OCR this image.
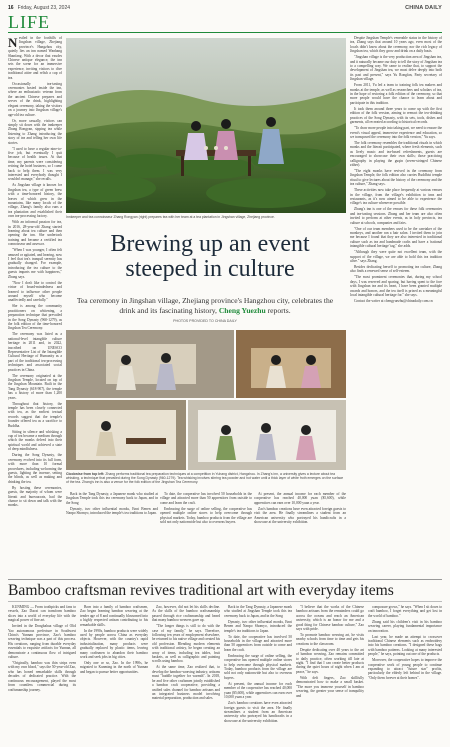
16 Friday, August 23, 2024	CHINA DAILY
LIFE

Nestled in the foothills of Jingshan village, Zhejiang province's Hangzhou city, quietly lies an inn named Wanhang Shanfang. With a decor that exudes Chinese antique elegance, the inn sets the scene for an immersive experience, inviting visitors to dive traditional attire and relish a cup of tea.

Occasionally tea-tasting ceremonies hosted inside the inn, where an enthusiastic veteran from the ancient Chinese prepares and serves of the drink, highlighting elegant ceremony, taking the visitors on a journey into Jingshan village's age-old tea culture.

Or, more casually, visitors can simply sit down with the innkeeper Zhang Rongyan, sipping tea while listening to Zhang introducing the story of tea and telling her own life stories.

"I used to have a regular nine-to-five job, but eventually I quit because of health issues. At that time, my parents were considering retiring the hotel business, so I came back to help them. I was very interested and everybody thought I wouldn't manage," she recalls.

As Jingshan village is known for Jingshan tea, a type of green brew with a time-honored history, the leaves of which grew in the mountains, like many locals of the village, Zhang's family also runs a tea plantation and established their own tea-processing factory.

With an informal passion for tea, in 2016, 28-year-old Zhang started learning about tea culture and then opening the inn. She undertook training and became a certified tea connoisseur and assessor.

"When I was younger, I often felt amused or agitated, and hearing, now I feel that tea's tranquil serenity has gradually changed. For example, introducing the tea culture to the guests imparts me with happiness," Zhang says.

"Now I don't like to control the virtue of broad-mindedness and learned to influence other people around myself who become unaffectedly and carefully."

She is among the community practitioners on whitening, a preparation technique that prevailed in the Song Dynasty (960-1279), as the folk edition of the time-honored Jingshan Tea Ceremony.

The ceremony was listed as a national-level intangible culture heritage in 2011 and, in 2022, inscribed on UNESCO Representative List of the Intangible Cultural Heritage of Humanity as a part of the traditional tea-processing techniques and associated social practices in China.

The ceremony originated at the Jingshan Temple, located on top of the Jingshan Mountain. Built in the Tang Dynasty (618-907), the temple has a history of more than 1,200 years.

Throughout that history, the temple has been closely connected with tea, as the earliest textual records suggest that the temple's founder offered tea as a sacrifice to Buddha.

Sitting in silence and whisking a cup of tea became a medium through which the monks delved into their spiritual world and achieved a state of deep mindfulness.

During the Song Dynasty, the ceremony evolved into its full form, with more than 10 formal procedures, including welcoming the guests, lighting the incense, setting the blinds, as well as making and drinking the tea.

By hosting these ceremonies, guests, the majority of whom were literati and bureaucrats, had the chance to sit down and talk with the monks.

Despite Jingshan Temple's venerable status in the history of tea, Zhang says that around 10 years ago, even most of the locals didn't know about the ceremony, nor the rich legacy of Jingshan tea, which they grow and drink on a daily basis.

"Jingshan village is the very production area of Jingshan tea, and it naturally became our duty to tell the story of Jingshan tea to a compelling way. We came to realize that, to support the development of Jingshan tea, we must delve deeply into both its past and present," says Yu Rongfan, Party secretary of Jingshan village.

From 2011, Yu led a team to training folk tea makers and monks at the temple, as well as researchers and scholars of tea, in the hope of restoring a folk edition of the ceremony, so that more people would have the chance to learn about and participate in this tradition.

It took them around three years to come up with the first edition of the folk version, aiming to reenact the tea-drinking practices of the Song Dynasty, with its sets, tools, dishes and garments, all recreated according to historical records.

"To draw more people into taking part, we need to ensure the event's visual appeal, immersive experience and education, so we transposed the ceremony into the folk version," Yu says.

The folk ceremony resembles the traditional rituals in which monks and the literati participated, where fresh elements, such as lively music and tea-based refreshments, guests are encouraged to showcase their own skills; those practicing calligraphy in playing the guqin (seven-stringed Chinese zither).

"The eight monks have revived in the ceremony from Jingshan Temple, the folk edition also carries Buddhist temple ritual to give lectures about the history of the ceremony and the tea culture," Zhang says.

These activities now take place frequently at various venues in the village, from the village's exhibition to inns and restaurants, as it's now aimed to be able to experience the village's tea culture whenever possible.

Zhang's inn is one of the venues for these folk ceremonies and tea-tasting sessions. Zhang and her team are also often invited to perform at other events, as in holy precincts, tea culture at schools, companies and fairs.

"One of our team members used to be the caretaker of the monkeys, and another ran a hair salon. I invited them to join me because I found that they are also interested in traditional culture such as tea and handmade crafts and have a 'national intangible cultural heritage' tag," she adds.

"Although they were quite not excellent team, with the support of the village, we are able to hold this tea tradition alive." says Zhang.

Besides dedicating herself to promoting tea culture, Zhang also finds a renewed sense of self-esteem.

"The most prominent ceremonies that, during my school days, I was reserved and sparing, but having spent to the fore with Jingshan tea and its heart, I have been granted multiple awards and honors, and the tea itself is prized as a meaningful local intangible cultural heritage for." she says.

Contact the writer at chengyuezhu@chinadaily.com.cn

Innkeeper and tea connoisseur Zhang Rongyan (right) prepares tea with her team at a tea plantation in Jingshan village, Zhejiang province.
Brewing up an event steeped in culture
Tea ceremony in Jingshan village, Zhejiang province's Hangzhou city, celebrates the drink and its fascinating history, Cheng Yuezhu reports.
PHOTOS PROVIDED TO CHINA DAILY
Clockwise from top left: Zhang performs traditional tea preparation techniques at a competition in Yuhang district, Hangzhou. In Zhang's inn, a university gives a lecture about tea whisking, a technique that prevailed during the Song Dynasty (960-1279). Tea whisking involves stirring tea powder and hot water until a thick layer of white froth emerges on the surface of the tea. Zhang's inn is also a venue for the folk edition of the Jingshan Tea Ceremony.

Back in the Tang Dynasty, a Japanese monk who studied at Jingshan Temple took this tea ceremony back to Japan, and in the Song

Dynasty, two other influential monks, Enni Benen and Nanpo Shomyo, introduced the temple's tea traditions to Japan.

To date, the cooperative has involved 50 households in the village and attracted more than 50 apprentices from outside to come and learn the craft.

Embracing the surge of online selling, the cooperative has opened multiple online stores to help overcome through physical markets. Today, bamboo products from the village are sold not only nationwide but also to overseas buyers.

At present, the annual income for each member of the cooperative has reached 40,000 yuan ($5,600), while apprentices can earn over 10,000 yuan a year.

Zao's bamboo creations have even attracted foreign guests to visit the area. He finally streamlines a student from an American university who portrayed his handicrafts in a showcase at the university exhibition.

Bamboo craftsman revives traditional art with everyday items

KUNMING — From toothpicks and fans to vessels, Zao Daoxi can transform bamboo slices into a world of everyday life with the magical power of fine art.

Invited in the Dongbahua village of Olid Yao autonomous prefecture in Southwest China's Yunnan province, Zao's bamboo weaving technique was a part of this process. His creations, ranging from durable everyday essentials to exquisite artifacts for Yunnan, all demonstrate a continuous flow of intrigued culture.

"Originally, bamboo was thin strips even with my own blood," says the 50-year-old Zao, who has honed remarkable skills through decades of dedicated practice. With the continuous encouragement, played the most from countless commercial during its craftsmanship journey.

Born into a family of bamboo craftsmen, Zao began learning bamboo weaving at the tender age of 8 and continually blossomed into a highly respected artisan contributing to his remarkable skills.

In the 1990s, bamboo products were widely used by people across China as everyday objects. However, with the country's rapid industrialization, many products were gradually replaced by plastic items, leaving many craftsmen to abandon their bamboo work and seek jobs in big cities.

Only one or so, Zao. In the 1990s, he migrated to Kunming in the north of Yunnan and began to pursue better opportunities.

Zao, however, did not let his skills decline. As the skills of the bamboo craftsmanship passed through rice craftsmanship and heard that many bamboo weavers gave up.

"The longer things is still to do with the case of my family," he says. Therefore, following ten years of employment elsewhere, he returned to his native village and created his old profession. Blending modern elements with traditional artistry, he began creating an array of items, including tea tables, fruit baskets, as well as calligraphic and painting scrolls using bamboo.

At the same time, Zao realized that, to develop the bamboo-weaving industry, artisans must "huddle together for warmth". In 2018, he and five other craftsmen jointly established a bamboo craft cooperative, providing a unified sales channel for bamboo artisans and an integrated business model involving material preparation, production and sales.

Back in the Tang Dynasty, a Japanese monk who studied at Jingshan Temple took this tea ceremony back to Japan, and in the Song

Dynasty, two other influential monks, Enni Benen and Nanpo Shomyo, introduced the temple's tea traditions to Japan.

To date, the cooperative has involved 50 households in the village and attracted more than 50 apprentices from outside to come and learn the craft.

Embracing the surge of online selling, the cooperative has opened multiple online stores to help overcome through physical markets. Today, bamboo products from the village are sold not only nationwide but also to overseas buyers.

At present, the annual income for each member of the cooperative has reached 40,000 yuan ($5,600), while apprentices can earn over 10,000 yuan a year.

Zao's bamboo creations have even attracted foreign guests to visit the area. He finally streamlines a student from an American university who portrayed his handicrafts in a showcase at the university exhibition.

"I believe that the works of the Chinese bamboo artisans from the remainders could go across the oceans and reach an American university, which is an honor for me and a good thing for Chinese bamboo culture," Zao says with pride.

To promote bamboo weaving art, he visits nearby schools from time to time and gets his creations to the classroom.

Despite dedicating over 40 years to the art of bamboo weaving, Zao remains committed to daily practice, often working till late at night. "I find that I can create better products during the quiet hours of night when I am at peace," he says.

With deft fingers, Zao skillfully demonstrated how to make a small basket. "The more you immerse yourself in bamboo weaving, the greater your sense of tranquility and

composure grows," he says. "When I sit down to craft bamboo, I forget everything and get lost in the world of bamboo."

Zhang said his children's visit in his bamboo weaving career, playing fundamental importance on innovation.

Last year, he made an attempt to crossover traditional Chinese elements such as embroidery into his bamboo creations. "I designed these bags with bamboo patterns. Looking at many interested people," he says, pointing out one of the products.

Moreover, the cooperative hopes to improve the cooperative work of young people to continue expanding to attract "future star" profits, particularly the elderly left behind in the village. "Only them forever at their homes".
